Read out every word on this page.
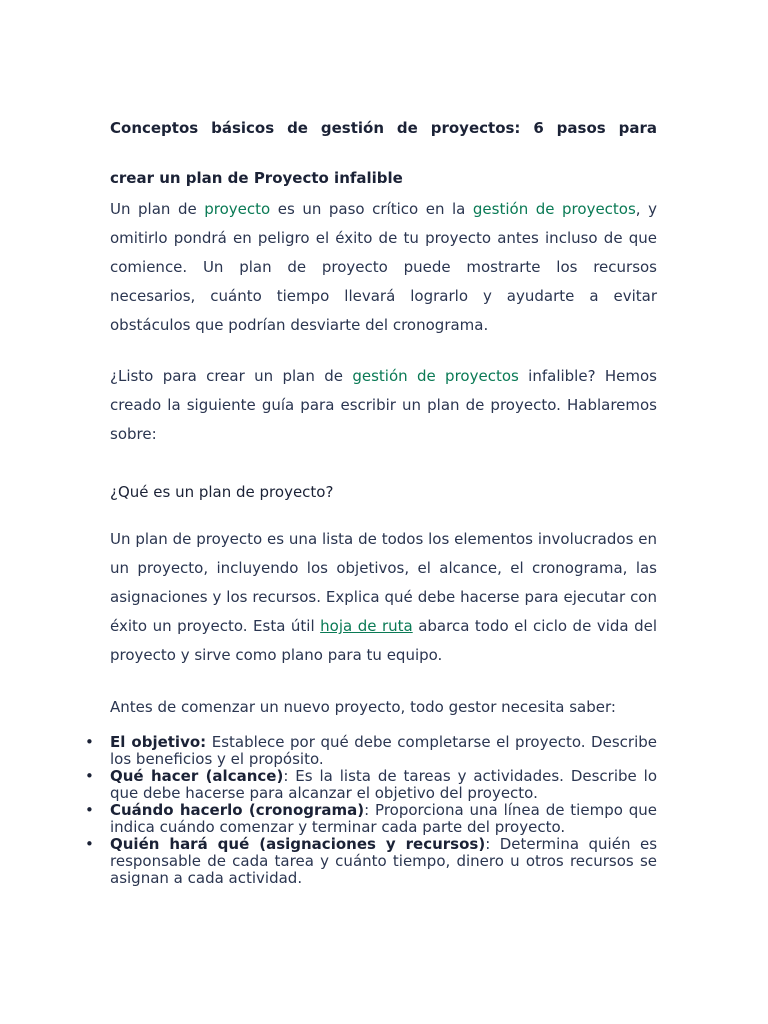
Conceptos básicos de gestión de proyectos: 6 pasos para

crear un plan de Proyecto infalible

Un plan de proyecto es un paso crítico en la gestión de proyectos, y omitirlo pondrá en peligro el éxito de tu proyecto antes incluso de que comience. Un plan de proyecto puede mostrarte los recursos necesarios, cuánto tiempo llevará lograrlo y ayudarte a evitar obstáculos que podrían desviarte del cronograma.

¿Listo para crear un plan de gestión de proyectos infalible? Hemos creado la siguiente guía para escribir un plan de proyecto. Hablaremos sobre:

¿Qué es un plan de proyecto?

Un plan de proyecto es una lista de todos los elementos involucrados en un proyecto, incluyendo los objetivos, el alcance, el cronograma, las asignaciones y los recursos. Explica qué debe hacerse para ejecutar con éxito un proyecto. Esta útil hoja de ruta abarca todo el ciclo de vida del proyecto y sirve como plano para tu equipo.

Antes de comenzar un nuevo proyecto, todo gestor necesita saber:

• El objetivo: Establece por qué debe completarse el proyecto. Describe los beneficios y el propósito.
• Qué hacer (alcance): Es la lista de tareas y actividades. Describe lo que debe hacerse para alcanzar el objetivo del proyecto.
• Cuándo hacerlo (cronograma): Proporciona una línea de tiempo que indica cuándo comenzar y terminar cada parte del proyecto.
• Quién hará qué (asignaciones y recursos): Determina quién es responsable de cada tarea y cuánto tiempo, dinero u otros recursos se asignan a cada actividad.
